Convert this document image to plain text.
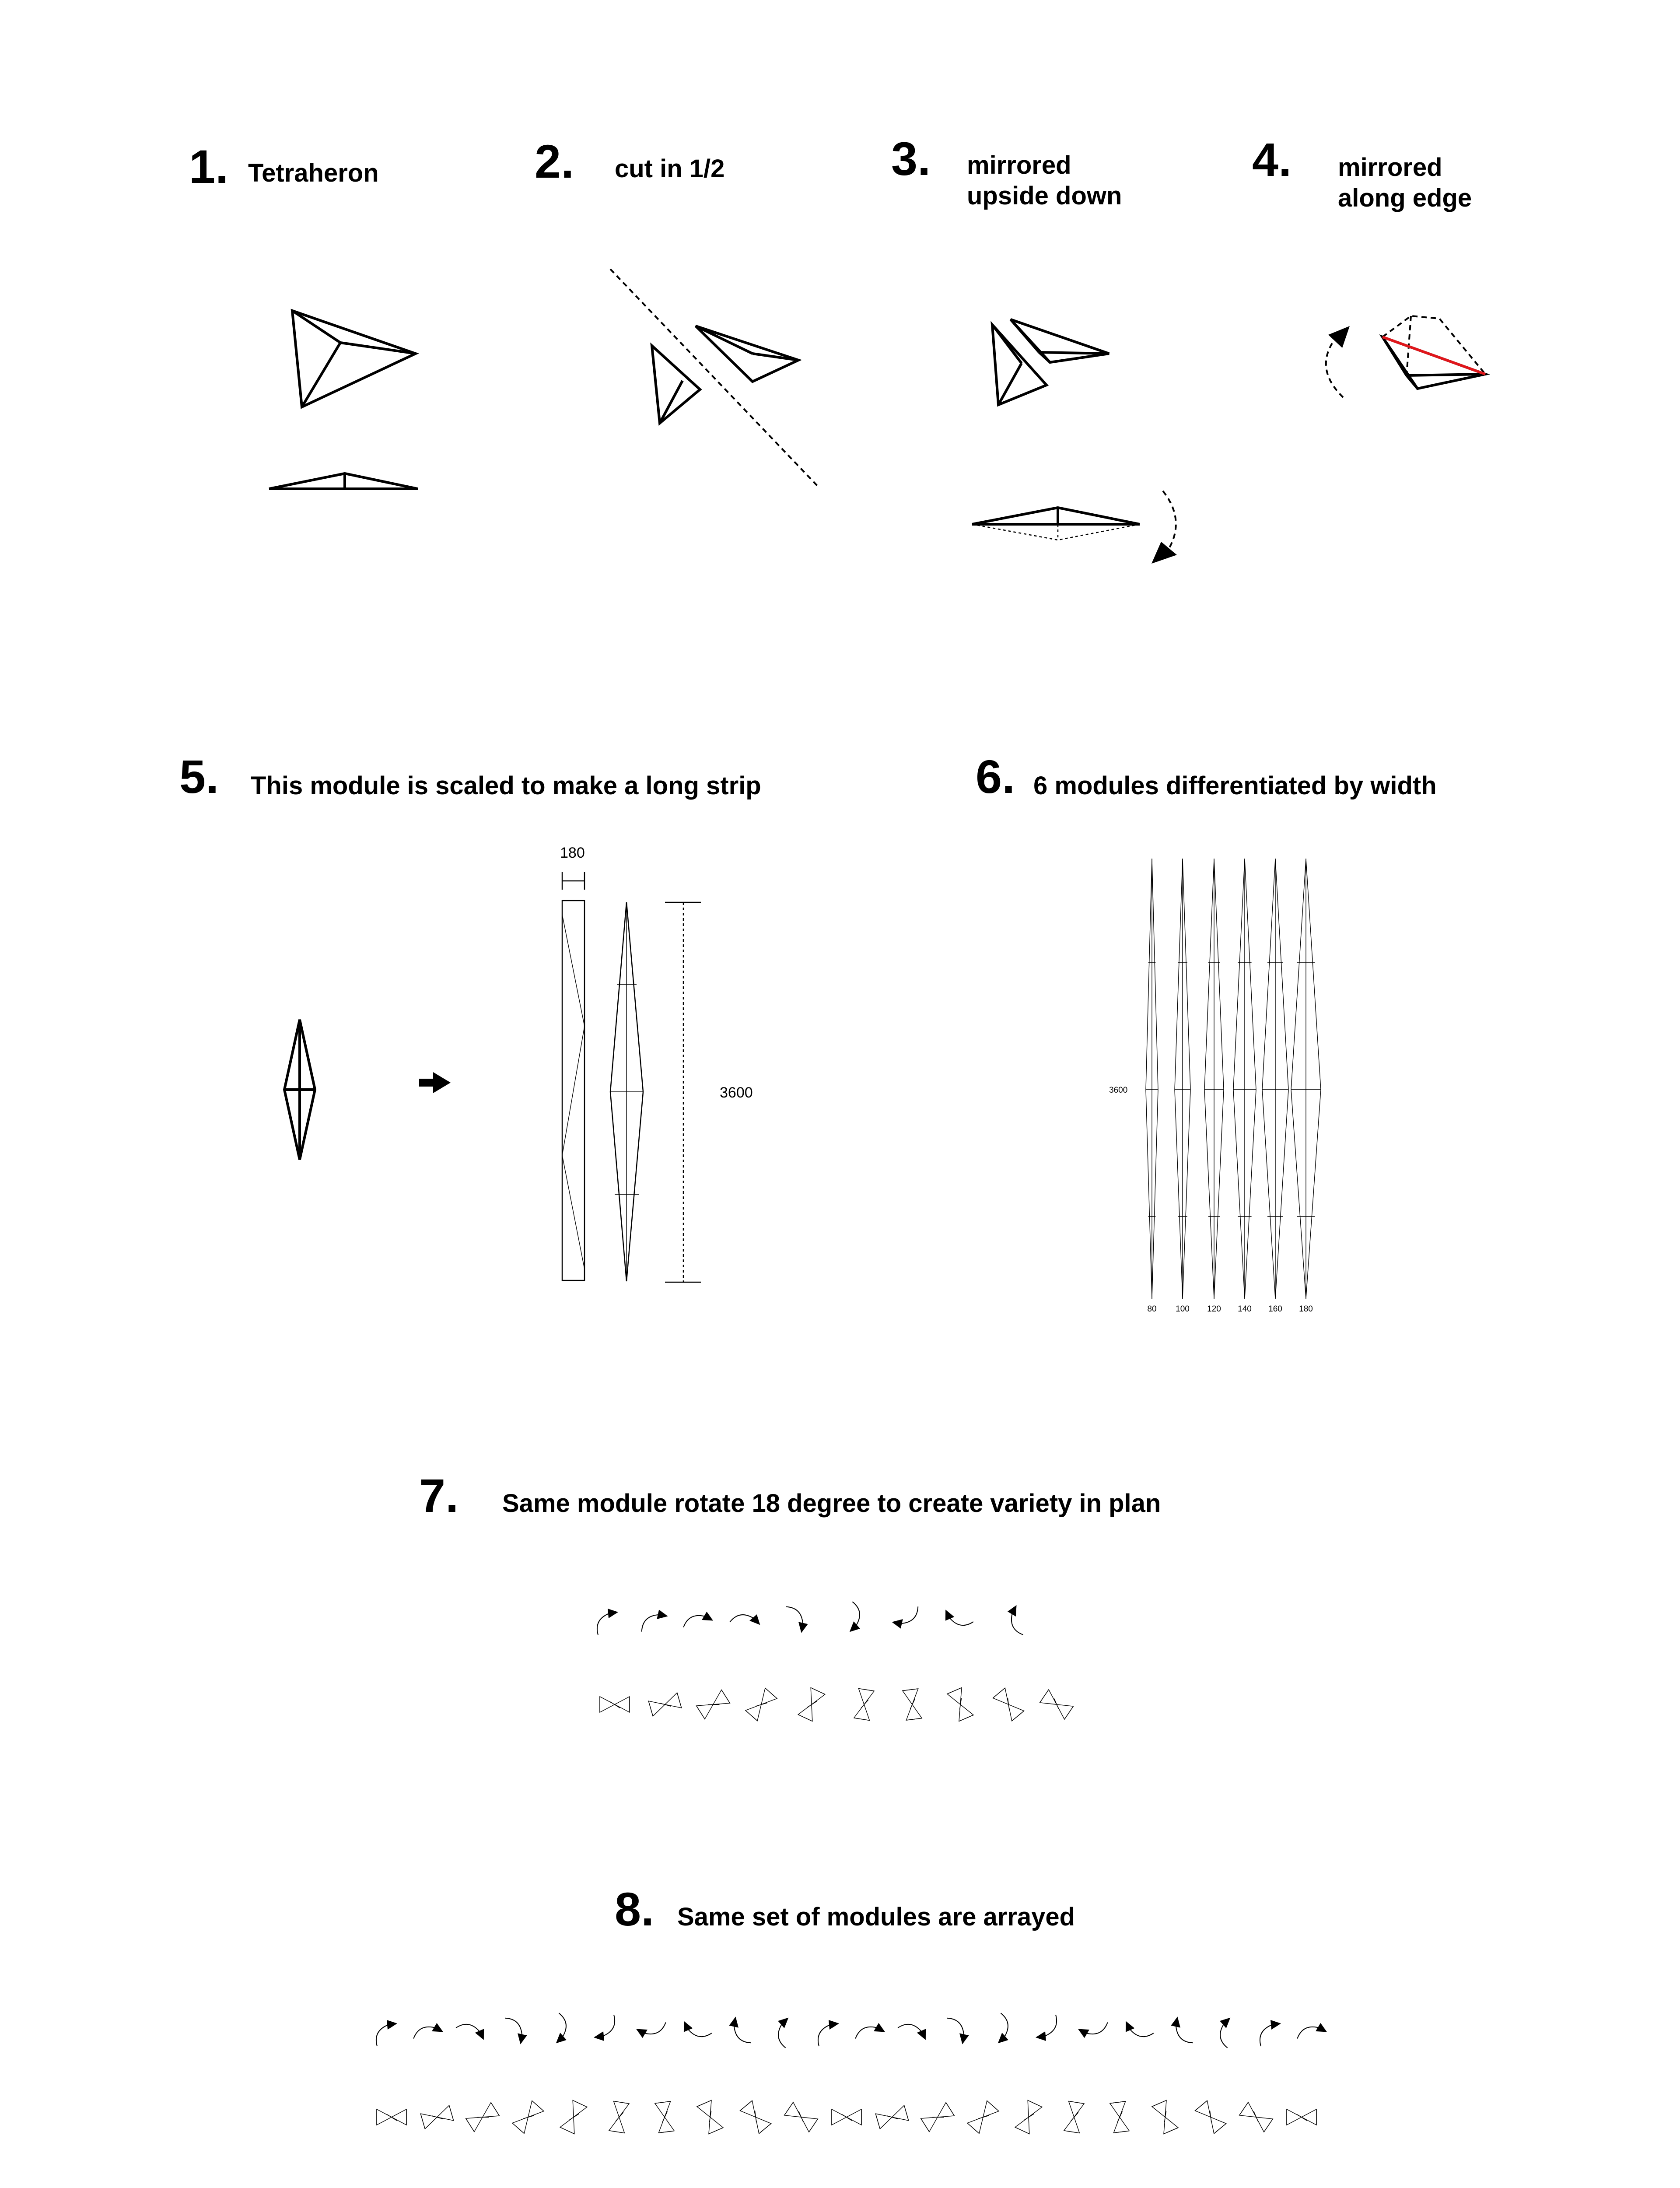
1. Tetraheron	2. cut in 1/2	3. mirrored
upside down
4. mirrored
along edge
5. This module is scaled to make a long strip
180
3600
6. 6 modules differentiated by width
3600
80 100 120 140 160 180
7. Same module rotate 18 degree to create variety in plan
8. Same set of modules are arrayed
